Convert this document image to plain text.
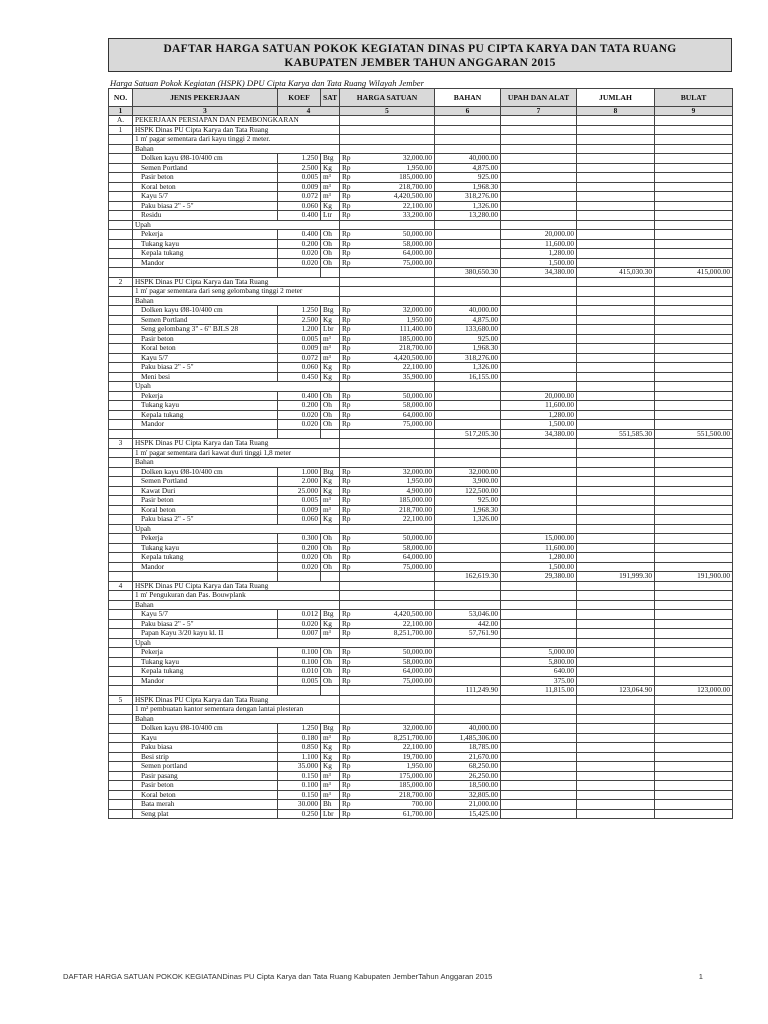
DAFTAR HARGA SATUAN POKOK KEGIATAN DINAS PU CIPTA KARYA DAN TATA RUANG
KABUPATEN JEMBER TAHUN ANGGARAN 2015
Harga Satuan Pokok Kegiatan (HSPK) DPU Cipta Karya dan Tata Ruang Wilayah Jember
NO.	JENIS PEKERJAAN	KOEF	SAT	HARGA SATUAN	BAHAN	UPAH DAN ALAT	JUMLAH	BULAT
1	3	4		5	6	7	8	9
A.	PEKERJAAN PERSIAPAN DAN PEMBONGKARAN							
1	HSPK Dinas PU Cipta Karya dan Tata Ruang							
	1 m' pagar sementara dari kayu tinggi 2 meter.							
	Bahan							
	Dolken kayu Ø8-10/400 cm	1.250	Btg	Rp 32,000.00	40,000.00			
	Semen Portland	2.500	Kg	Rp 1,950.00	4,875.00			
	Pasir beton	0.005	m³	Rp 185,000.00	925.00			
	Koral beton	0.009	m³	Rp 218,700.00	1,968.30			
	Kayu 5/7	0.072	m³	Rp 4,420,500.00	318,276.00			
	Paku biasa 2" - 5"	0.060	Kg	Rp 22,100.00	1,326.00			
	Residu	0.400	Ltr	Rp 33,200.00	13,280.00			
	Upah							
	Pekerja	0.400	Oh	Rp 50,000.00		20,000.00		
	Tukang kayu	0.200	Oh	Rp 58,000.00		11,600.00		
	Kepala tukang	0.020	Oh	Rp 64,000.00		1,280.00		
	Mandor	0.020	Oh	Rp 75,000.00		1,500.00		
					380,650.30	34,380.00	415,030.30	415,000.00
2	HSPK Dinas PU Cipta Karya dan Tata Ruang							
	1 m' pagar sementara dari seng gelombang tinggi 2 meter							
	Bahan							
	Dolken kayu Ø8-10/400 cm	1.250	Btg	Rp 32,000.00	40,000.00			
	Semen Portland	2.500	Kg	Rp 1,950.00	4,875.00			
	Seng gelombang 3" - 6" BJLS 28	1.200	Lbr	Rp 111,400.00	133,680.00			
	Pasir beton	0.005	m³	Rp 185,000.00	925.00			
	Koral beton	0.009	m³	Rp 218,700.00	1,968.30			
	Kayu 5/7	0.072	m³	Rp 4,420,500.00	318,276.00			
	Paku biasa 2" - 5"	0.060	Kg	Rp 22,100.00	1,326.00			
	Meni besi	0.450	Kg	Rp 35,900.00	16,155.00			
	Upah							
	Pekerja	0.400	Oh	Rp 50,000.00		20,000.00		
	Tukang kayu	0.200	Oh	Rp 58,000.00		11,600.00		
	Kepala tukang	0.020	Oh	Rp 64,000.00		1,280.00		
	Mandor	0.020	Oh	Rp 75,000.00		1,500.00		
					517,205.30	34,380.00	551,585.30	551,500.00
3	HSPK Dinas PU Cipta Karya dan Tata Ruang							
	1 m' pagar sementara dari kawat duri tinggi 1,8 meter							
	Bahan							
	Dolken kayu Ø8-10/400 cm	1.000	Btg	Rp 32,000.00	32,000.00			
	Semen Portland	2.000	Kg	Rp 1,950.00	3,900.00			
	Kawat Duri	25.000	Kg	Rp 4,900.00	122,500.00			
	Pasir beton	0.005	m³	Rp 185,000.00	925.00			
	Koral beton	0.009	m³	Rp 218,700.00	1,968.30			
	Paku biasa 2" - 5"	0.060	Kg	Rp 22,100.00	1,326.00			
	Upah							
	Pekerja	0.300	Oh	Rp 50,000.00		15,000.00		
	Tukang kayu	0.200	Oh	Rp 58,000.00		11,600.00		
	Kepala tukang	0.020	Oh	Rp 64,000.00		1,280.00		
	Mandor	0.020	Oh	Rp 75,000.00		1,500.00		
					162,619.30	29,380.00	191,999.30	191,900.00
4	HSPK Dinas PU Cipta Karya dan Tata Ruang							
	1 m' Pengukuran dan Pas. Bouwplank							
	Bahan							
	Kayu 5/7	0.012	Btg	Rp 4,420,500.00	53,046.00			
	Paku biasa 2" - 5"	0.020	Kg	Rp 22,100.00	442.00			
	Papan Kayu 3/20 kayu kl. II	0.007	m³	Rp 8,251,700.00	57,761.90			
	Upah							
	Pekerja	0.100	Oh	Rp 50,000.00		5,000.00		
	Tukang kayu	0.100	Oh	Rp 58,000.00		5,800.00		
	Kepala tukang	0.010	Oh	Rp 64,000.00		640.00		
	Mandor	0.005	Oh	Rp 75,000.00		375.00		
					111,249.90	11,815.00	123,064.90	123,000.00
5	HSPK Dinas PU Cipta Karya dan Tata Ruang							
	1 m² pembuatan kantor sementara dengan lantai plesteran							
	Bahan							
	Dolken kayu Ø8-10/400 cm	1.250	Btg	Rp 32,000.00	40,000.00			
	Kayu	0.180	m³	Rp 8,251,700.00	1,485,306.00			
	Paku biasa	0.850	Kg	Rp 22,100.00	18,785.00			
	Besi strip	1.100	Kg	Rp 19,700.00	21,670.00			
	Semen portland	35.000	Kg	Rp 1,950.00	68,250.00			
	Pasir pasang	0.150	m³	Rp 175,000.00	26,250.00			
	Pasir beton	0.100	m³	Rp 185,000.00	18,500.00			
	Koral beton	0.150	m³	Rp 218,700.00	32,805.00			
	Bata merah	30.000	Bh	Rp 700.00	21,000.00			
	Seng plat	0.250	Lbr	Rp 61,700.00	15,425.00			
DAFTAR HARGA SATUAN POKOK KEGIATANDinas PU Cipta Karya dan Tata Ruang Kabupaten JemberTahun Anggaran 2015	1
